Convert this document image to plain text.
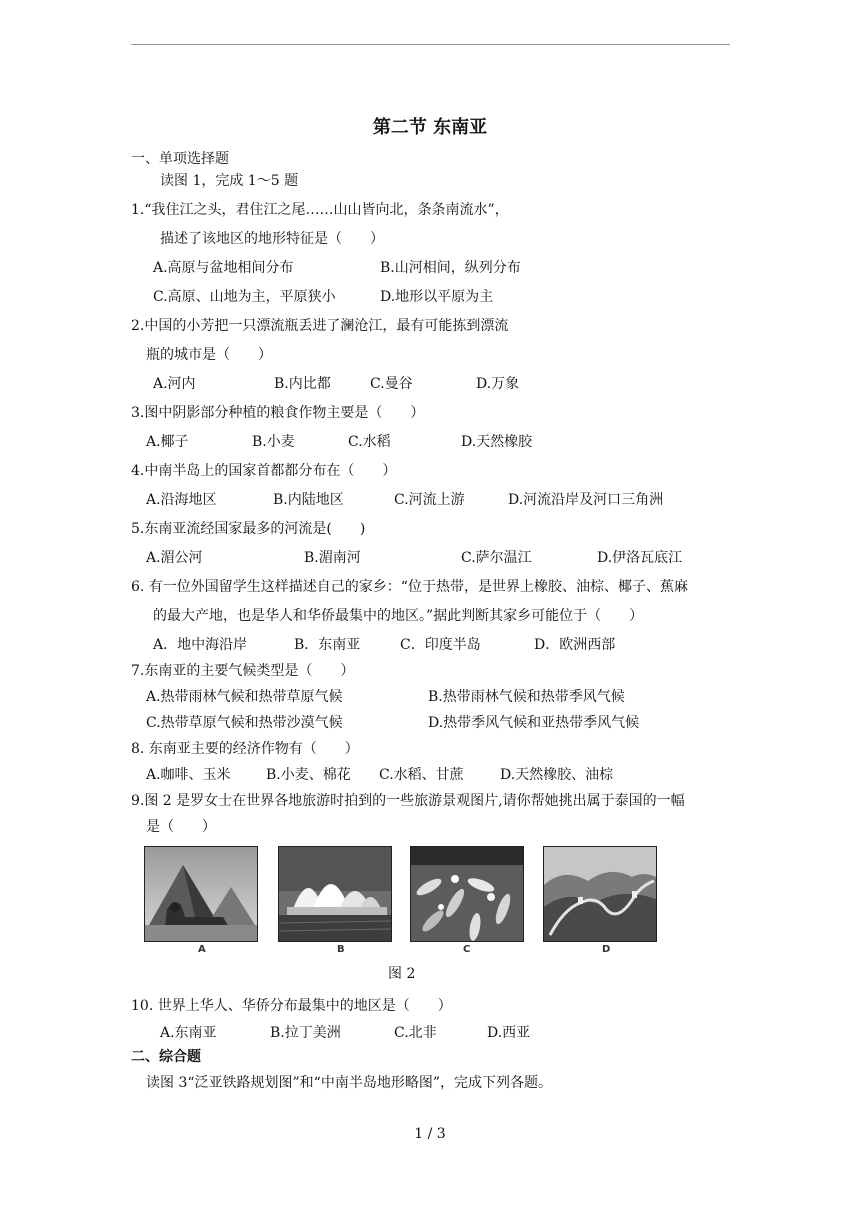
第二节 东南亚
一、单项选择题
读图 1，完成 1～5 题
1.“我住江之头，君住江之尾……山山皆向北，条条南流水”，
描述了该地区的地形特征是（　　）
A.高原与盆地相间分布	B.山河相间，纵列分布
C.高原、山地为主，平原狭小	D.地形以平原为主
2.中国的小芳把一只漂流瓶丢进了澜沧江，最有可能拣到漂流
瓶的城市是（　　）
A.河内	B.内比都	C.曼谷	D.万象
3.图中阴影部分种植的粮食作物主要是（　　）
A.椰子	B.小麦	C.水稻	D.天然橡胶
4.中南半岛上的国家首都都分布在（　　）
A.沿海地区	B.内陆地区	C.河流上游	D.河流沿岸及河口三角洲
5.东南亚流经国家最多的河流是(　　)
A.湄公河	B.湄南河	C.萨尔温江	D.伊洛瓦底江
6. 有一位外国留学生这样描述自己的家乡：“位于热带，是世界上橡胶、油棕、椰子、蕉麻
的最大产地，也是华人和华侨最集中的地区。”据此判断其家乡可能位于（　　）
A．地中海沿岸	B．东南亚	C．印度半岛	D．欧洲西部
7.东南亚的主要气候类型是（　　）
A.热带雨林气候和热带草原气候	B.热带雨林气候和热带季风气候
C.热带草原气候和热带沙漠气候	D.热带季风气候和亚热带季风气候
8. 东南亚主要的经济作物有（　　）
A.咖啡、玉米	B.小麦、棉花 C.水稻、甘蔗	D.天然橡胶、油棕
9.图 2 是罗女士在世界各地旅游时拍到的一些旅游景观图片,请你帮她挑出属于泰国的一幅
是（　　）
A	B	C	D
图 2
10. 世界上华人、华侨分布最集中的地区是（　　）
A.东南亚	B.拉丁美洲	C.北非	D.西亚
二、综合题
读图 3“泛亚铁路规划图”和“中南半岛地形略图”，完成下列各题。
1 / 3
